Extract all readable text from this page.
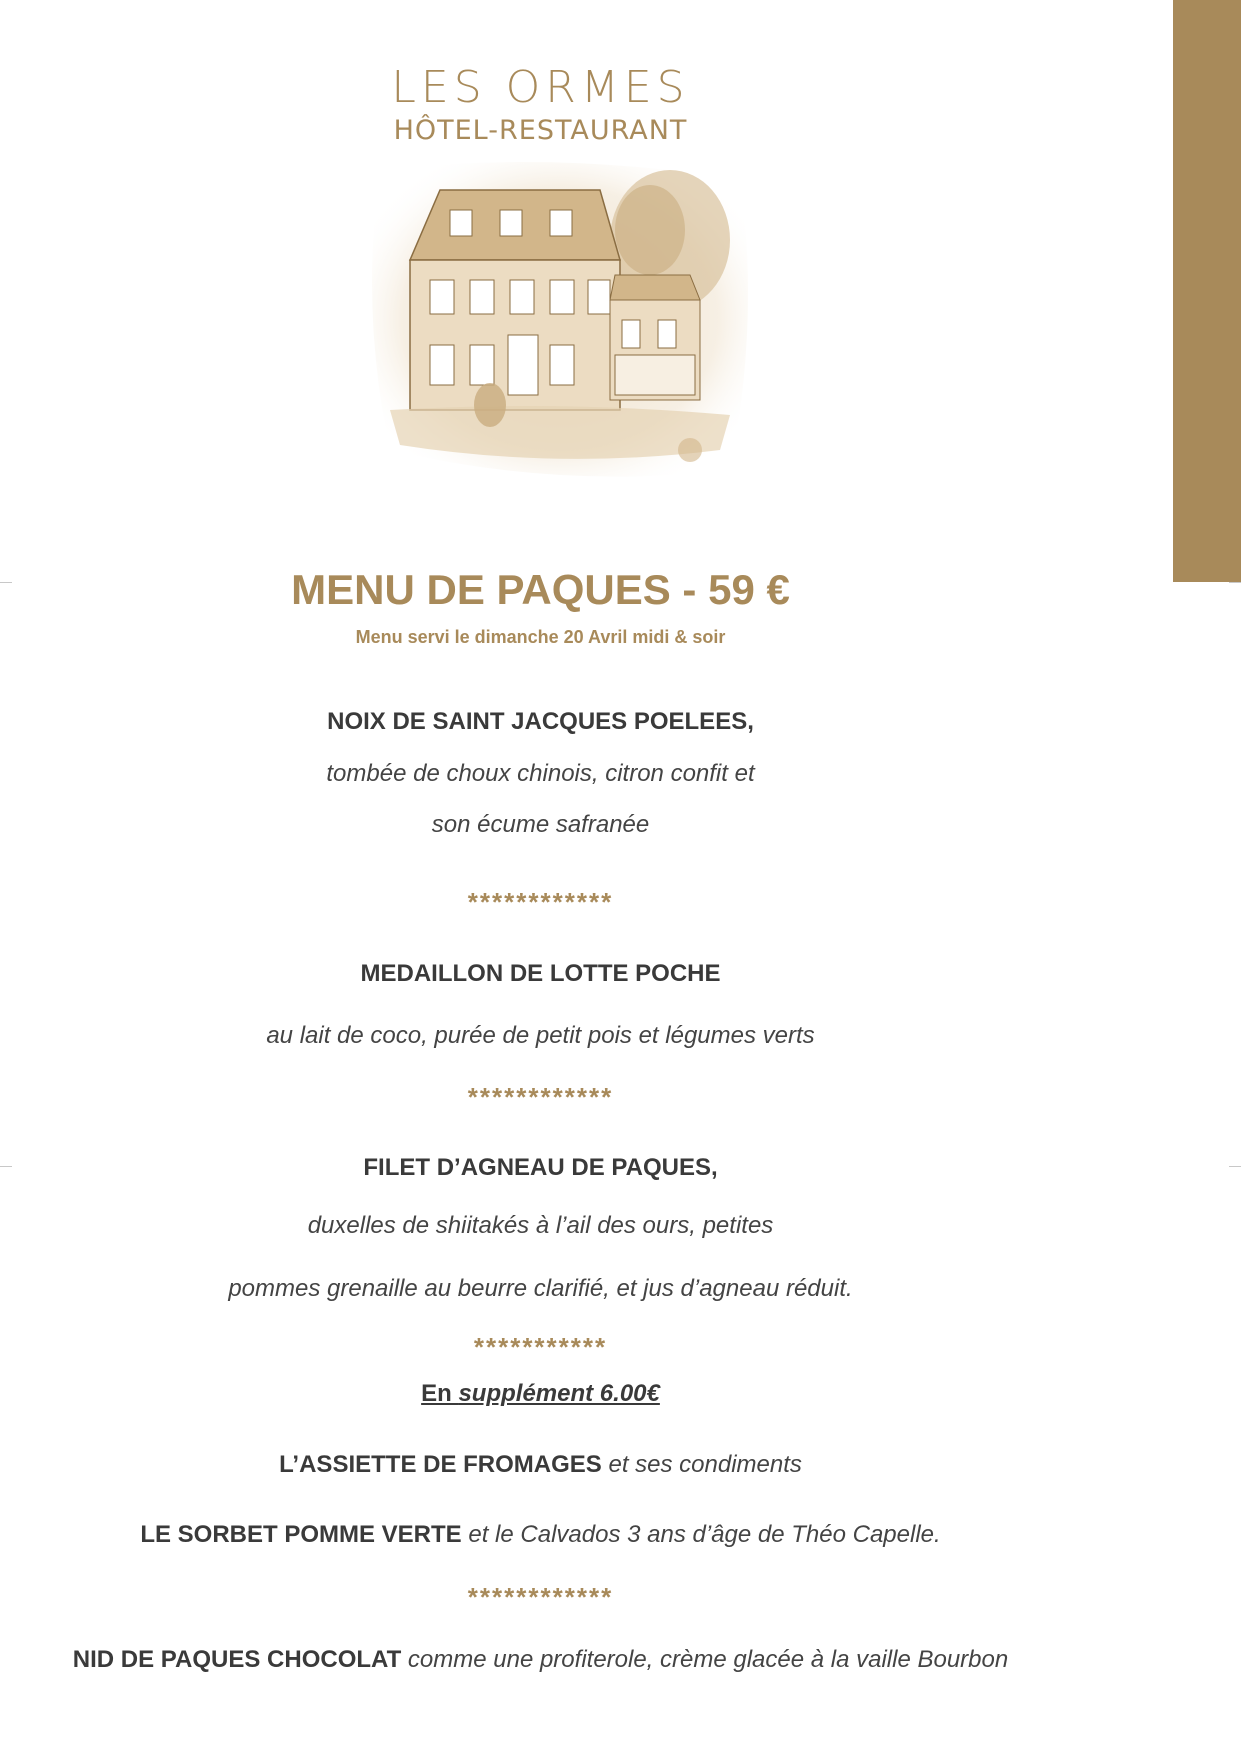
LES ORMES
HÔTEL-RESTAURANT
MENU DE PAQUES - 59 €
Menu servi le dimanche 20 Avril midi & soir
NOIX DE SAINT JACQUES POELEES,
tombée de choux chinois, citron confit et
son écume safranée
************
MEDAILLON DE LOTTE POCHE
au lait de coco, purée de petit pois et légumes verts
************
FILET D’AGNEAU DE PAQUES,
duxelles de shiitakés à l’ail des ours, petites
pommes grenaille au beurre clarifié, et jus d’agneau réduit.
***********
En supplément 6.00€
L’ASSIETTE DE FROMAGES et ses condiments
LE SORBET POMME VERTE et le Calvados 3 ans d’âge de Théo Capelle.
************
NID DE PAQUES CHOCOLAT comme une profiterole, crème glacée à la vaille Bourbon
